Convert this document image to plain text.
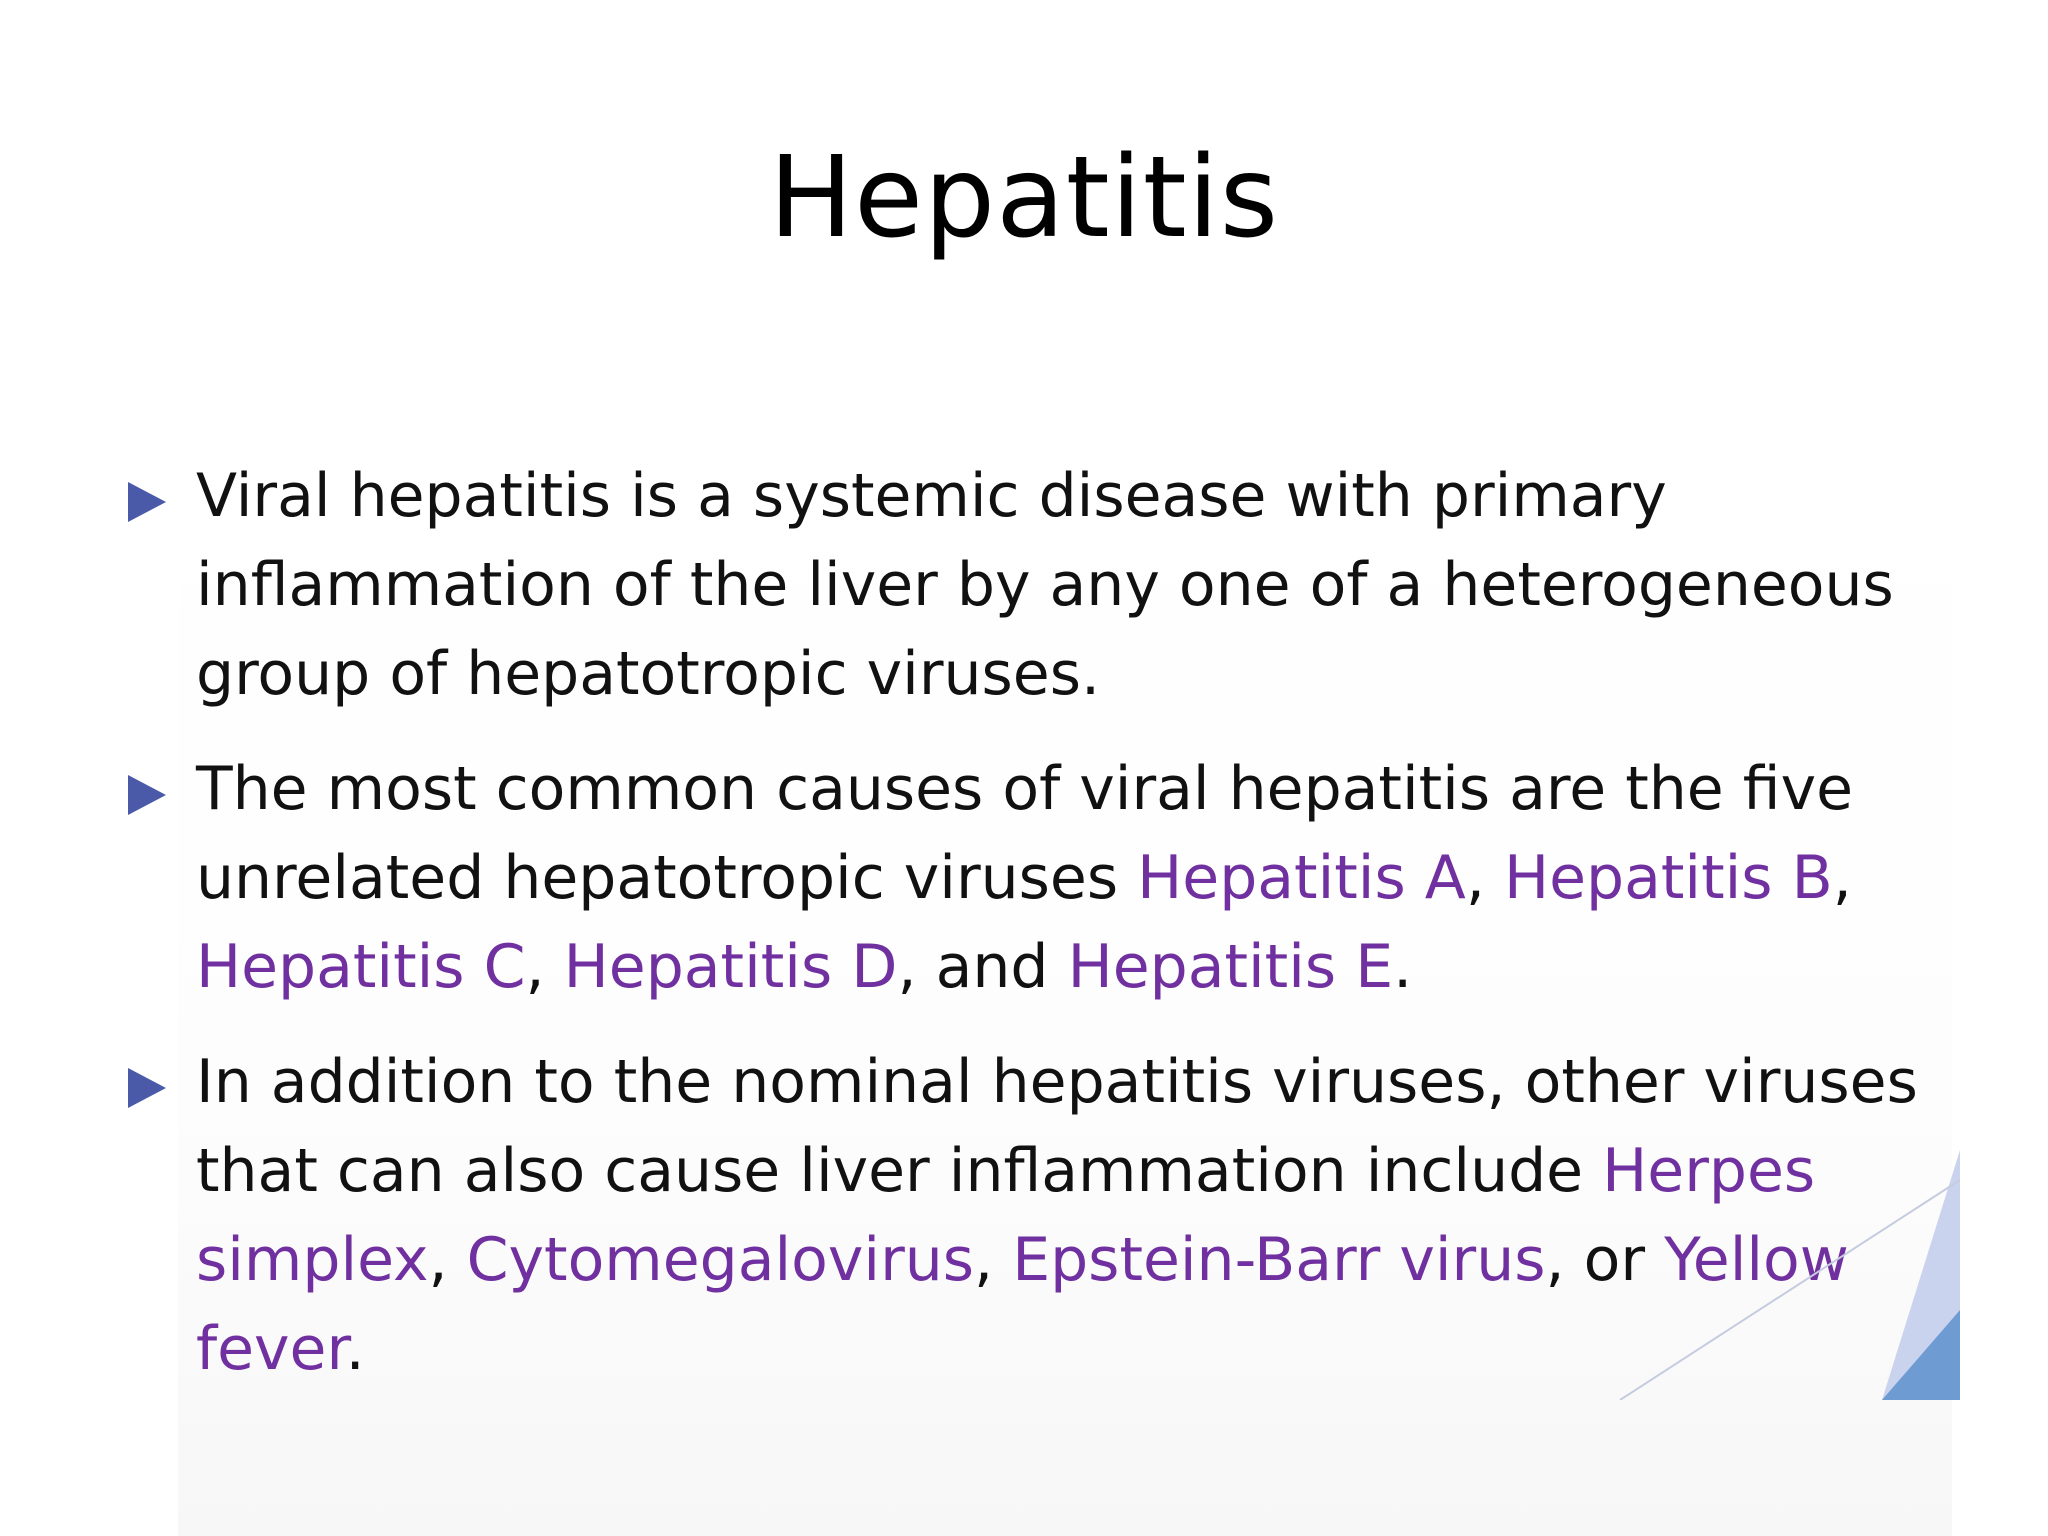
Hepatitis
Viral hepatitis is a systemic disease with primary inflammation of the liver by any one of a heterogeneous group of hepatotropic viruses.
The most common causes of viral hepatitis are the five unrelated hepatotropic viruses Hepatitis A, Hepatitis B, Hepatitis C, Hepatitis D, and Hepatitis E.
In addition to the nominal hepatitis viruses, other viruses that can also cause liver inflammation include Herpes simplex, Cytomegalovirus, Epstein-Barr virus, or Yellow fever.
